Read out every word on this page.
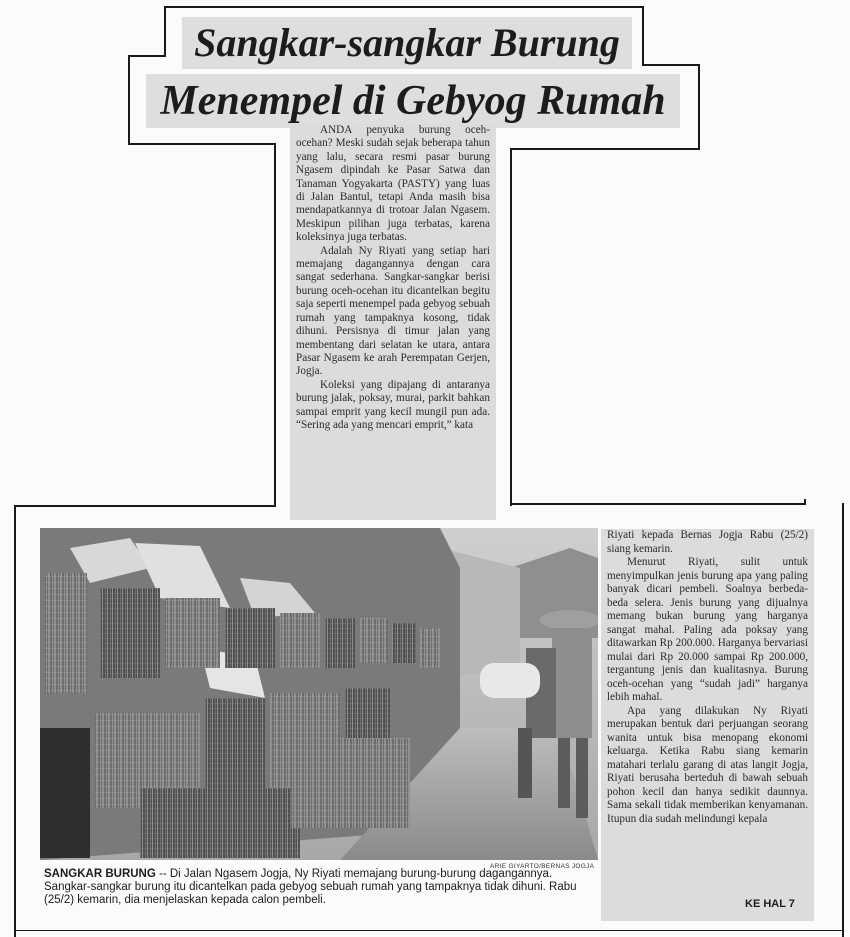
Sangkar-sangkar Burung
Menempel di Gebyog Rumah

ANDA penyuka burung oceh-ocehan? Meski sudah sejak beberapa tahun yang lalu, secara resmi pasar burung Ngasem dipindah ke Pasar Satwa dan Tanaman Yogyakarta (PASTY) yang luas di Jalan Bantul, tetapi Anda masih bisa mendapatkannya di trotoar Jalan Ngasem. Meskipun pilihan juga terbatas, karena koleksinya juga terbatas.

Adalah Ny Riyati yang setiap hari memajang dagangannya dengan cara sangat sederhana. Sangkar-sangkar berisi burung oceh-ocehan itu dicantelkan begitu saja seperti menempel pada gebyog sebuah rumah yang tampaknya kosong, tidak dihuni. Persisnya di timur jalan yang membentang dari selatan ke utara, antara Pasar Ngasem ke arah Perempatan Gerjen, Jogja.

Koleksi yang dipajang di antaranya burung jalak, poksay, murai, parkit bahkan sampai emprit yang kecil mungil pun ada. “Sering ada yang mencari emprit,” kata

ARIE GIYARTO/BERNAS JOGJA

Riyati kepada Bernas Jogja Rabu (25/2) siang kemarin.

Menurut Riyati, sulit untuk menyimpulkan jenis burung apa yang paling banyak dicari pembeli. Soalnya berbeda-beda selera. Jenis burung yang dijualnya memang bukan burung yang harganya sangat mahal. Paling ada poksay yang ditawarkan Rp 200.000. Harganya bervariasi mulai dari Rp 20.000 sampai Rp 200.000, tergantung jenis dan kualitasnya. Burung oceh-ocehan yang “sudah jadi” harganya lebih mahal.

Apa yang dilakukan Ny Riyati merupakan bentuk dari perjuangan seorang wanita untuk bisa menopang ekonomi keluarga. Ketika Rabu siang kemarin matahari terlalu garang di atas langit Jogja, Riyati berusaha berteduh di bawah sebuah pohon kecil dan hanya sedikit daunnya. Sama sekali tidak memberikan kenyamanan. Itupun dia sudah melindungi kepala

SANGKAR BURUNG -- Di Jalan Ngasem Jogja, Ny Riyati memajang burung-burung dagangannya. Sangkar-sangkar burung itu dicantelkan pada gebyog sebuah rumah yang tampaknya tidak dihuni. Rabu (25/2) kemarin, dia menjelaskan kepada calon pembeli.	KE HAL 7
